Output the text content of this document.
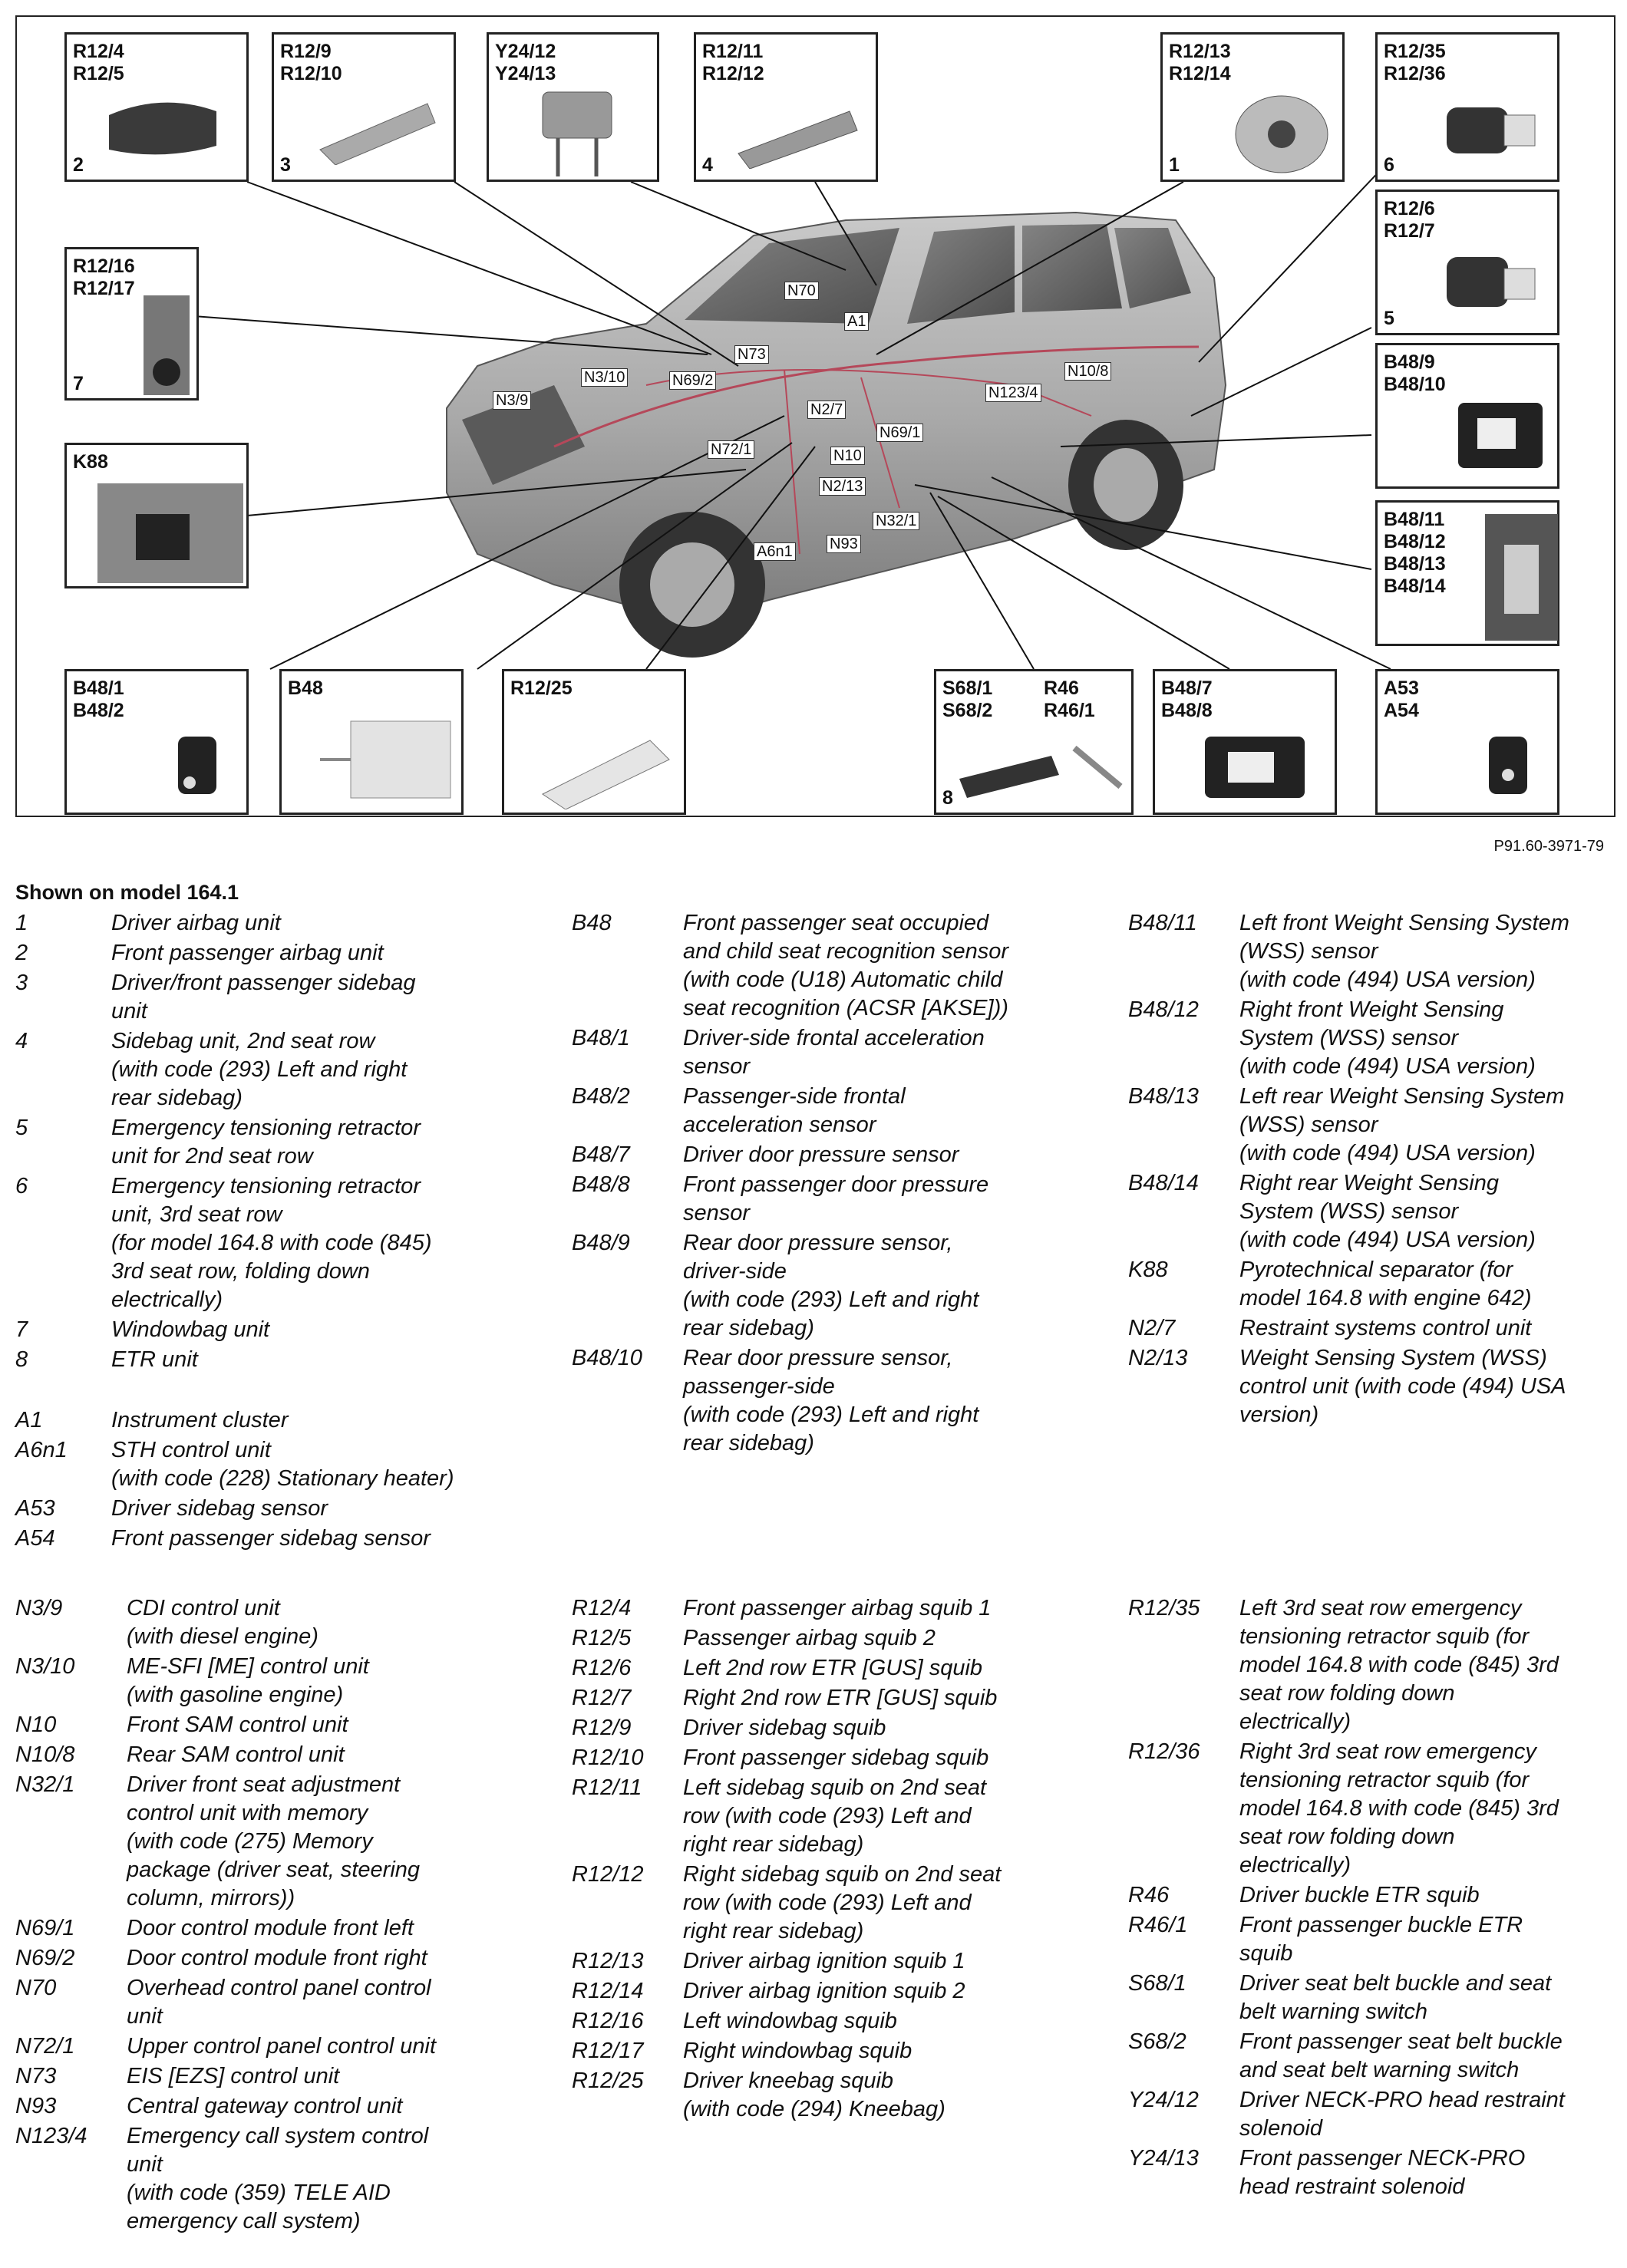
R12/4
R12/5
2
R12/9
R12/10
3
Y24/12
Y24/13
R12/11
R12/12
4
R12/13
R12/14
1
R12/35
R12/36
6
R12/16
R12/17
7
R12/6
R12/7
5
K88
B48/9
B48/10
B48/11
B48/12
B48/13
B48/14
B48/1
B48/2
B48	R12/25	S68/1
S68/2
R46
R46/1
8
B48/7
B48/8
A53
A54
N70
A1
N73
N10/8
N3/10	N69/2
N3/9	N123/4
N2/7
N69/1
N72/1	N10
N2/13
N32/1
A6n1 N93
P91.60-3971-79
Shown on model 164.1
1	Driver airbag unit
2	Front passenger airbag unit
3	Driver/front passenger sidebag
unit
4	Sidebag unit, 2nd seat row
(with code (293) Left and right
rear sidebag)
5	Emergency tensioning retractor
unit for 2nd seat row
6	Emergency tensioning retractor
unit, 3rd seat row
(for model 164.8 with code (845)
3rd seat row, folding down
electrically)
7	Windowbag unit
8	ETR unit
A1	Instrument cluster
A6n1 STH control unit
(with code (228) Stationary heater)
A53	Driver sidebag sensor
A54	Front passenger sidebag sensor
N3/9	CDI control unit
(with diesel engine)
N3/10 ME-SFI [ME] control unit
(with gasoline engine)
N10	Front SAM control unit
N10/8 Rear SAM control unit
N32/1 Driver front seat adjustment
control unit with memory
(with code (275) Memory
package (driver seat, steering
column, mirrors))
N69/1 Door control module front left
N69/2 Door control module front right
N70	Overhead control panel control
unit
N72/1 Upper control panel control unit
N73	EIS [EZS] control unit
N93	Central gateway control unit
N123/4 Emergency call system control
unit
(with code (359) TELE AID
emergency call system)
B48	Front passenger seat occupied
and child seat recognition sensor
(with code (U18) Automatic child
seat recognition (ACSR [AKSE]))
B48/1 Driver-side frontal acceleration
sensor
B48/2 Passenger-side frontal
acceleration sensor
B48/7 Driver door pressure sensor
B48/8 Front passenger door pressure
sensor
B48/9 Rear door pressure sensor,
driver-side
(with code (293) Left and right
rear sidebag)
B48/10 Rear door pressure sensor,
passenger-side
(with code (293) Left and right
rear sidebag)
R12/4 Front passenger airbag squib 1
R12/5 Passenger airbag squib 2
R12/6 Left 2nd row ETR [GUS] squib
R12/7 Right 2nd row ETR [GUS] squib
R12/9 Driver sidebag squib
R12/10 Front passenger sidebag squib
R12/11 Left sidebag squib on 2nd seat
row (with code (293) Left and
right rear sidebag)
R12/12 Right sidebag squib on 2nd seat
row (with code (293) Left and
right rear sidebag)
R12/13 Driver airbag ignition squib 1
R12/14 Driver airbag ignition squib 2
R12/16 Left windowbag squib
R12/17 Right windowbag squib
R12/25 Driver kneebag squib
(with code (294) Kneebag)
B48/11 Left front Weight Sensing System
(WSS) sensor
(with code (494) USA version)
B48/12 Right front Weight Sensing
System (WSS) sensor
(with code (494) USA version)
B48/13 Left rear Weight Sensing System
(WSS) sensor
(with code (494) USA version)
B48/14 Right rear Weight Sensing
System (WSS) sensor
(with code (494) USA version)
K88	Pyrotechnical separator (for
model 164.8 with engine 642)
N2/7	Restraint systems control unit
N2/13 Weight Sensing System (WSS)
control unit (with code (494) USA
version)
R12/35 Left 3rd seat row emergency
tensioning retractor squib (for
model 164.8 with code (845) 3rd
seat row folding down
electrically)
R12/36 Right 3rd seat row emergency
tensioning retractor squib (for
model 164.8 with code (845) 3rd
seat row folding down
electrically)
R46	Driver buckle ETR squib
R46/1 Front passenger buckle ETR
squib
S68/1 Driver seat belt buckle and seat
belt warning switch
S68/2 Front passenger seat belt buckle
and seat belt warning switch
Y24/12 Driver NECK-PRO head restraint
solenoid
Y24/13 Front passenger NECK-PRO
head restraint solenoid
